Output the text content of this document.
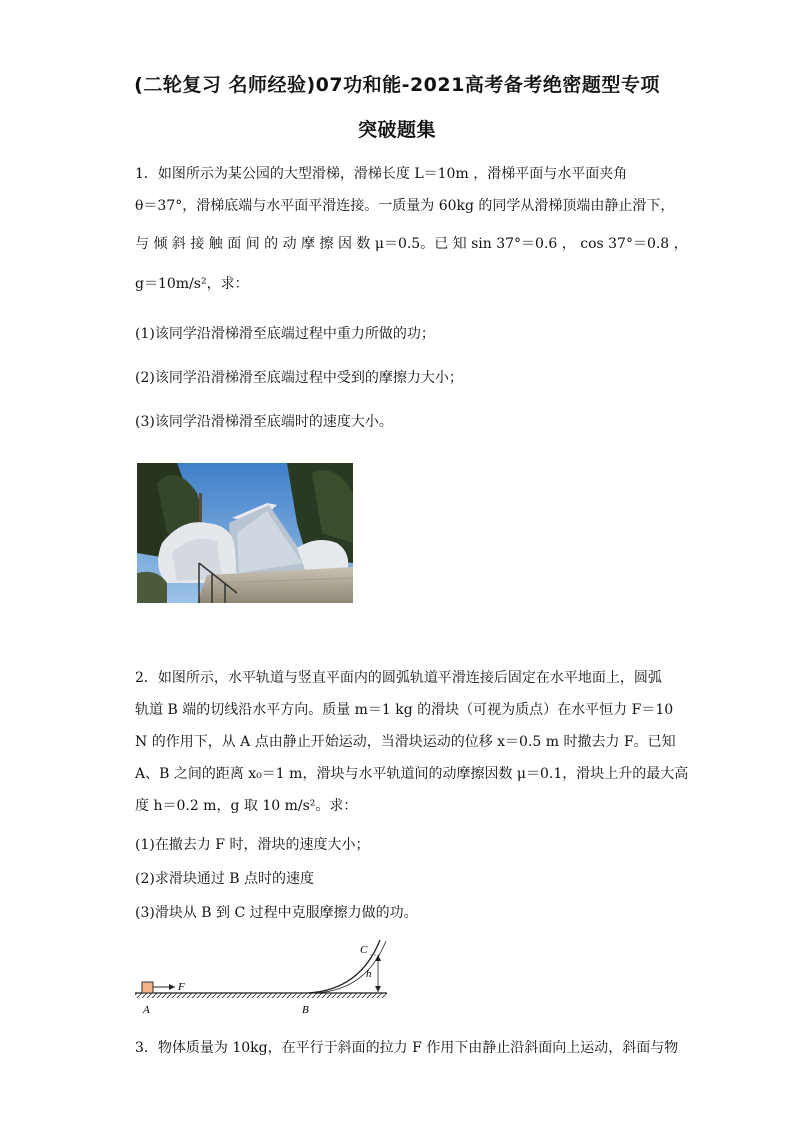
(二轮复习 名师经验)07功和能-2021高考备考绝密题型专项
突破题集
1．如图所示为某公园的大型滑梯，滑梯长度 L＝10m ，滑梯平面与水平面夹角
θ＝37°，滑梯底端与水平面平滑连接。一质量为 60kg 的同学从滑梯顶端由静止滑下，
与 倾 斜 接 触 面 间 的 动 摩 擦 因 数 μ＝0.5。已 知 sin 37°＝0.6 ， cos 37°＝0.8 ，
g＝10m/s²，求：
(1)该同学沿滑梯滑至底端过程中重力所做的功；
(2)该同学沿滑梯滑至底端过程中受到的摩擦力大小；
(3)该同学沿滑梯滑至底端时的速度大小。
2．如图所示，水平轨道与竖直平面内的圆弧轨道平滑连接后固定在水平地面上，圆弧
轨道 B 端的切线沿水平方向。质量 m＝1 kg 的滑块（可视为质点）在水平恒力 F＝10
N 的作用下，从 A 点由静止开始运动，当滑块运动的位移 x＝0.5 m 时撤去力 F。已知
A、B 之间的距离 x₀＝1 m，滑块与水平轨道间的动摩擦因数 μ＝0.1，滑块上升的最大高
度 h＝0.2 m，g 取 10 m/s²。求：
(1)在撤去力 F 时，滑块的速度大小；
(2)求滑块通过 B 点时的速度
(3)滑块从 B 到 C 过程中克服摩擦力做的功。
F
A	B
C
h
3．物体质量为 10kg，在平行于斜面的拉力 F 作用下由静止沿斜面向上运动，斜面与物
